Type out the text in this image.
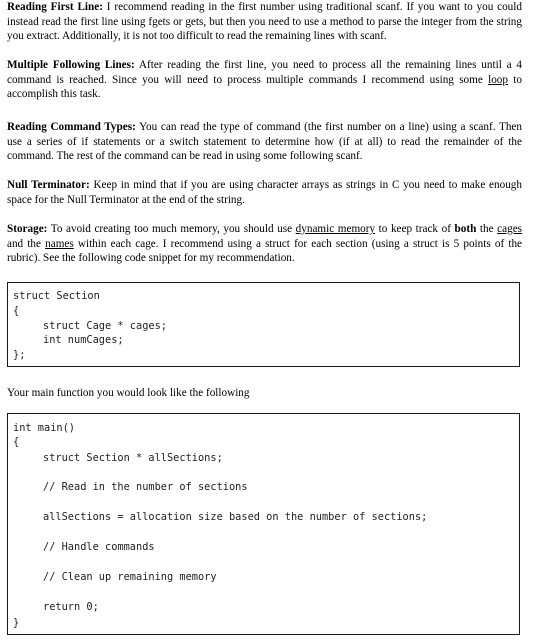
Reading First Line: I recommend reading in the first number using traditional scanf. If you want to you could instead read the first line using fgets or gets, but then you need to use a method to parse the integer from the string you extract. Additionally, it is not too difficult to read the remaining lines with scanf.
Multiple Following Lines: After reading the first line, you need to process all the remaining lines until a 4 command is reached. Since you will need to process multiple commands I recommend using some loop to accomplish this task.
Reading Command Types: You can read the type of command (the first number on a line) using a scanf. Then use a series of if statements or a switch statement to determine how (if at all) to read the remainder of the command. The rest of the command can be read in using some following scanf.
Null Terminator: Keep in mind that if you are using character arrays as strings in C you need to make enough space for the Null Terminator at the end of the string.
Storage: To avoid creating too much memory, you should use dynamic memory to keep track of both the cages and the names within each cage. I recommend using a struct for each section (using a struct is 5 points of the rubric). See the following code snippet for my recommendation.
struct Section
{
struct Cage * cages;
int numCages;
};
Your main function you would look like the following
int main()
{
struct Section * allSections;
// Read in the number of sections
allSections = allocation size based on the number of sections;
// Handle commands
// Clean up remaining memory
return 0;
}
